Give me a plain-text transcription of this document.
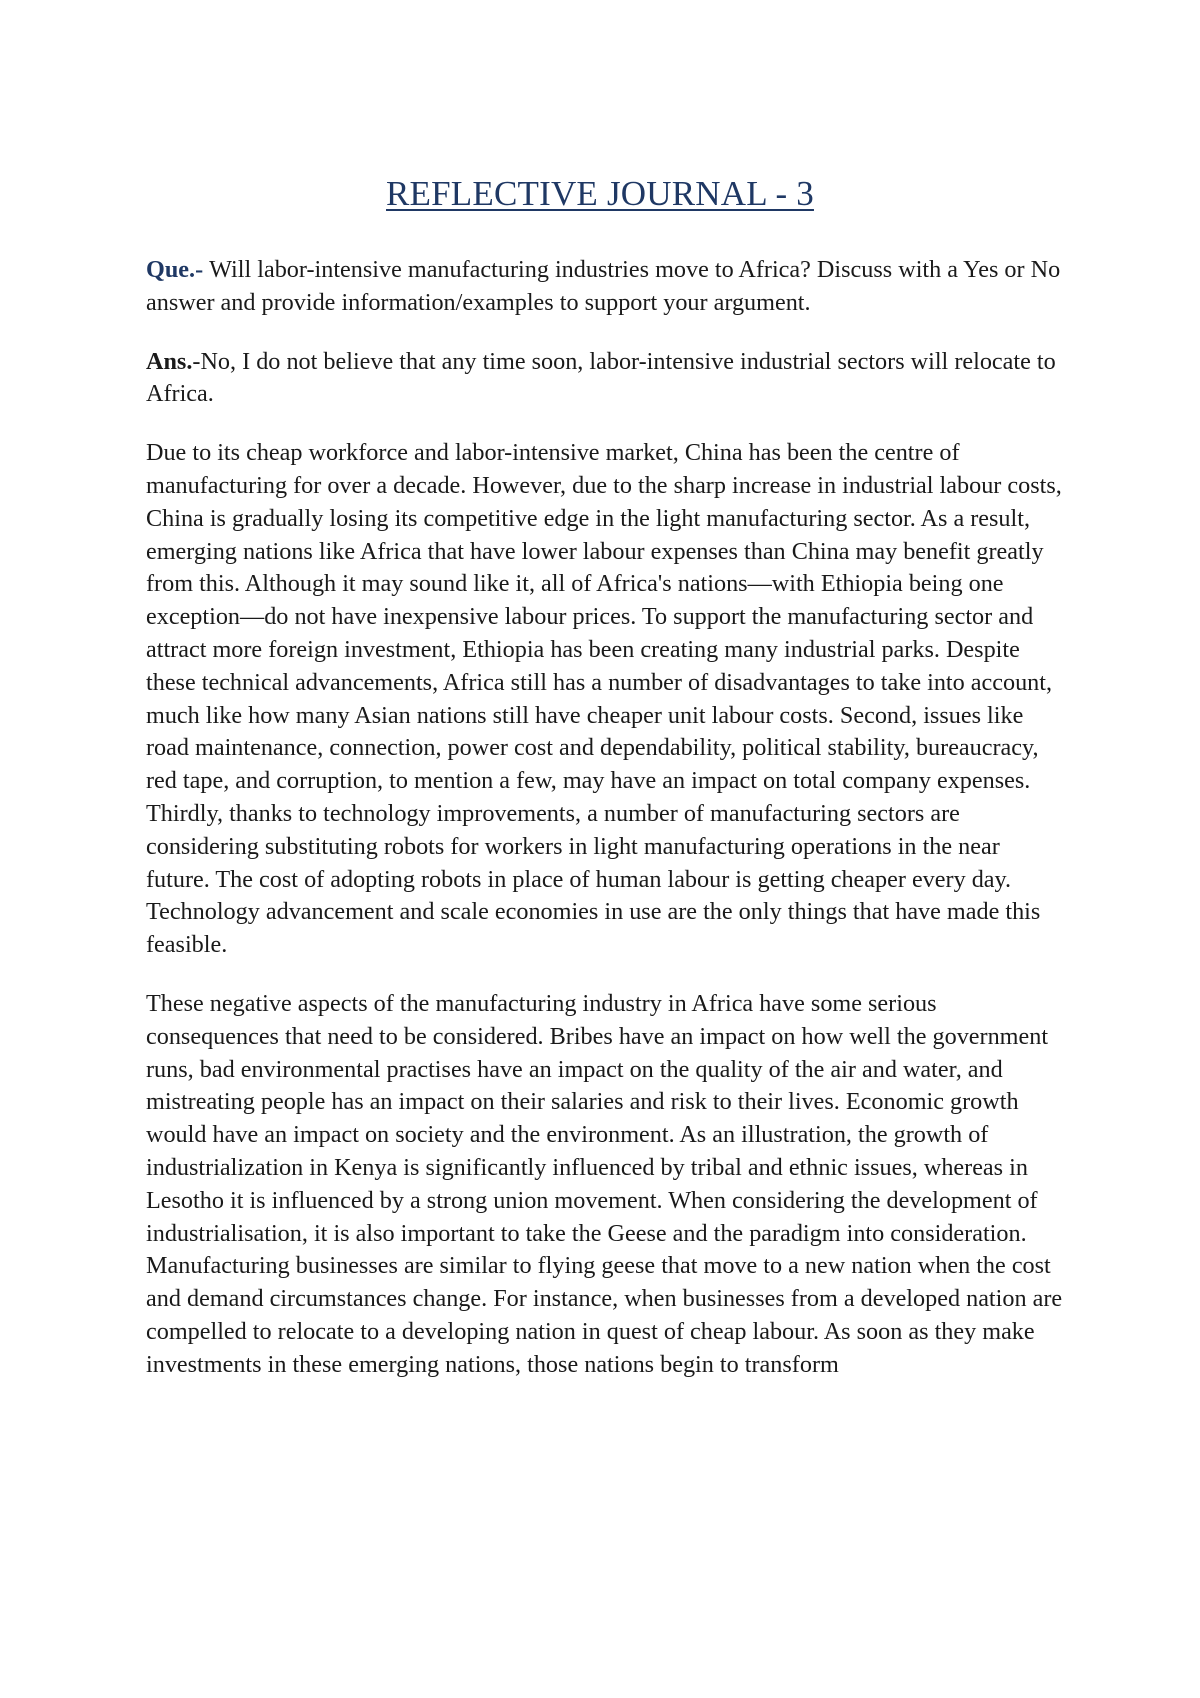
REFLECTIVE JOURNAL - 3

Que.- Will labor-intensive manufacturing industries move to Africa? Discuss with a Yes or No answer and provide information/examples to support your argument.

Ans.-No, I do not believe that any time soon, labor-intensive industrial sectors will relocate to Africa.

Due to its cheap workforce and labor-intensive market, China has been the centre of manufacturing for over a decade. However, due to the sharp increase in industrial labour costs, China is gradually losing its competitive edge in the light manufacturing sector. As a result, emerging nations like Africa that have lower labour expenses than China may benefit greatly from this. Although it may sound like it, all of Africa's nations—with Ethiopia being one exception—do not have inexpensive labour prices. To support the manufacturing sector and attract more foreign investment, Ethiopia has been creating many industrial parks. Despite these technical advancements, Africa still has a number of disadvantages to take into account, much like how many Asian nations still have cheaper unit labour costs. Second, issues like road maintenance, connection, power cost and dependability, political stability, bureaucracy, red tape, and corruption, to mention a few, may have an impact on total company expenses. Thirdly, thanks to technology improvements, a number of manufacturing sectors are considering substituting robots for workers in light manufacturing operations in the near future. The cost of adopting robots in place of human labour is getting cheaper every day. Technology advancement and scale economies in use are the only things that have made this feasible.

These negative aspects of the manufacturing industry in Africa have some serious consequences that need to be considered. Bribes have an impact on how well the government runs, bad environmental practises have an impact on the quality of the air and water, and mistreating people has an impact on their salaries and risk to their lives. Economic growth would have an impact on society and the environment. As an illustration, the growth of industrialization in Kenya is significantly influenced by tribal and ethnic issues, whereas in Lesotho it is influenced by a strong union movement. When considering the development of industrialisation, it is also important to take the Geese and the paradigm into consideration. Manufacturing businesses are similar to flying geese that move to a new nation when the cost and demand circumstances change. For instance, when businesses from a developed nation are compelled to relocate to a developing nation in quest of cheap labour. As soon as they make investments in these emerging nations, those nations begin to transform
